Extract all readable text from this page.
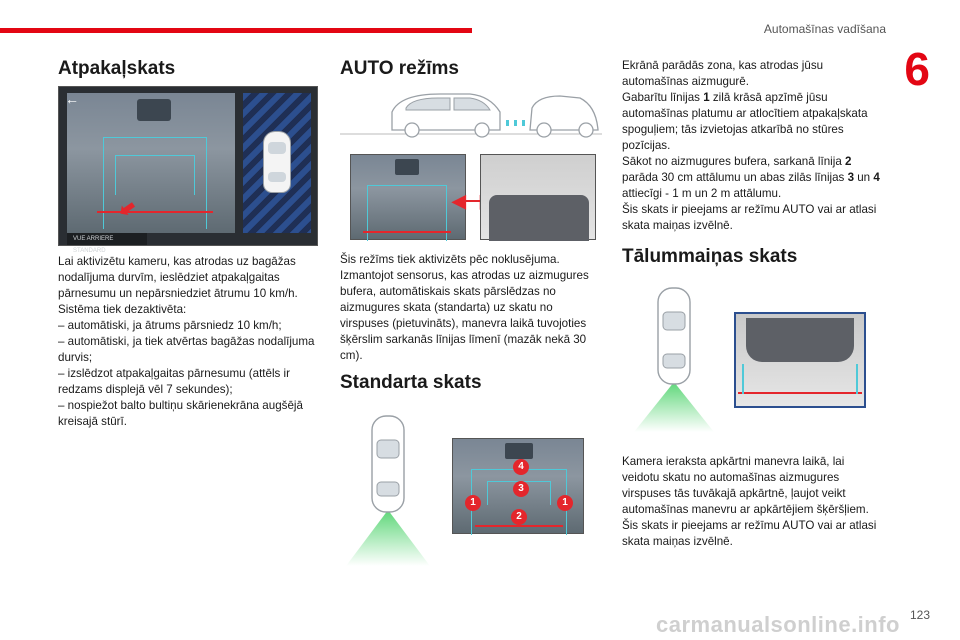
Automašīnas vadīšana
6
Atpakaļskats
⬅
←
VUE ARRIERE STANDARD

Lai aktivizētu kameru, kas atrodas uz bagāžas nodalījuma durvīm, ieslēdziet atpakaļgaitas pārnesumu un nepārsniedziet ātrumu 10 km/h.

Sistēma tiek dezaktivēta:

– automātiski, ja ātrums pārsniedz 10 km/h;

– automātiski, ja tiek atvērtas bagāžas nodalījuma durvis;

– izslēdzot atpakaļgaitas pārnesumu (attēls ir redzams displejā vēl 7 sekundes);

– nospiežot balto bultiņu skārienekrāna augšējā kreisajā stūrī.

AUTO režīms
◀
Šis režīms tiek aktivizēts pēc noklusējuma. Izmantojot sensorus, kas atrodas uz aizmugures bufera, automātiskais skats pārslēdzas no aizmugures skata (standarta) uz skatu no virspuses (pietuvināts), manevra laikā tuvojoties šķērslim sarkanās līnijas līmenī (mazāk nekā 30 cm).
Standarta skats
4
3
1	1
2

Ekrānā parādās zona, kas atrodas jūsu automašīnas aizmugurē.

Gabarītu līnijas 1 zilā krāsā apzīmē jūsu automašīnas platumu ar atlocītiem atpakaļskata spoguļiem; tās izvietojas atkarībā no stūres pozīcijas.

Sākot no aizmugures bufera, sarkanā līnija 2 parāda 30 cm attālumu un abas zilās līnijas 3 un 4 attiecīgi - 1 m un 2 m attālumu.

Šis skats ir pieejams ar režīmu AUTO vai ar atlasi skata maiņas izvēlnē.

Tālummaiņas skats

Kamera ieraksta apkārtni manevra laikā, lai veidotu skatu no automašīnas aizmugures virspuses tās tuvākajā apkārtnē, ļaujot veikt automašīnas manevru ar apkārtējiem šķēršļiem.

Šis skats ir pieejams ar režīmu AUTO vai ar atlasi skata maiņas izvēlnē.

carmanualsonline.info 123
